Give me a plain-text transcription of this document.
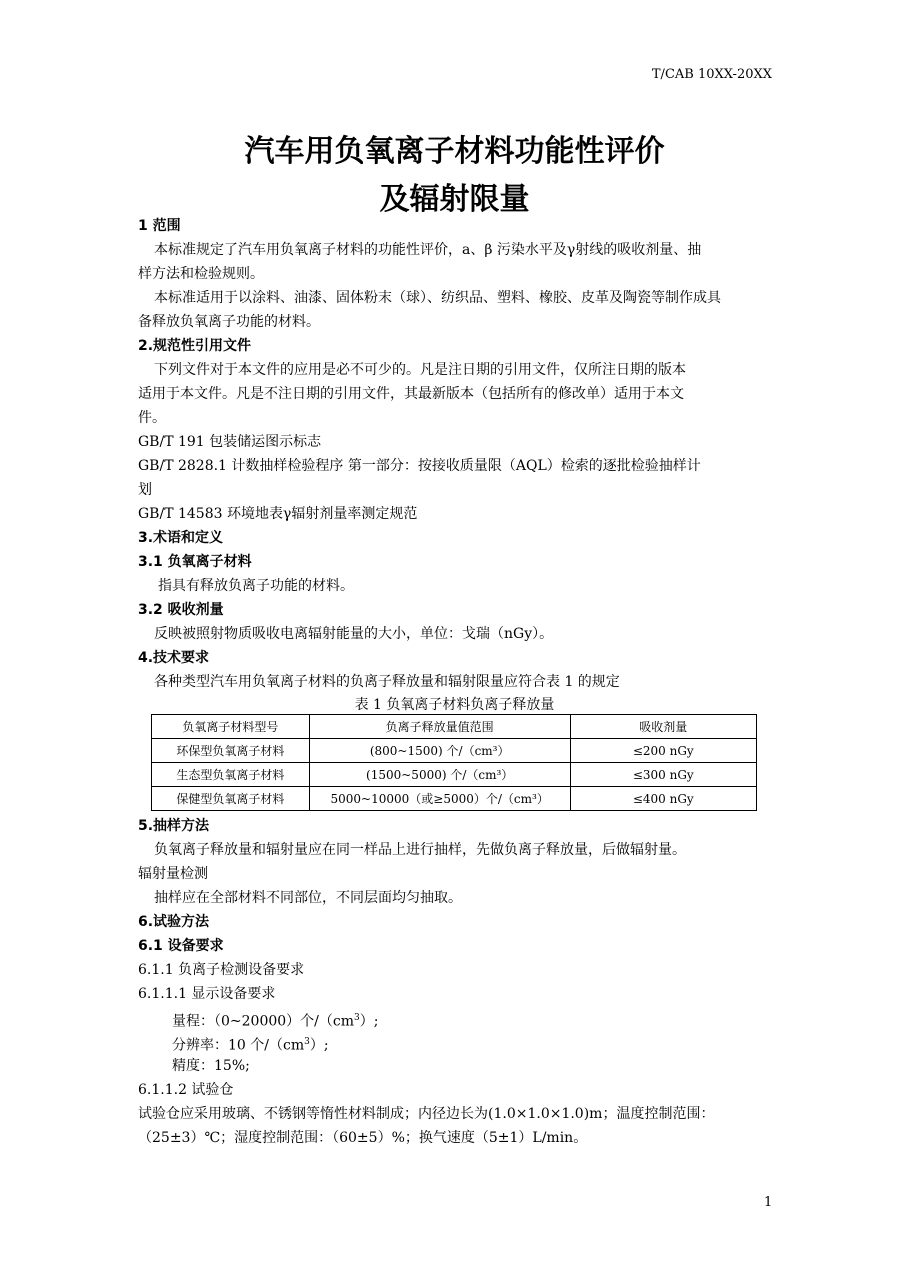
T/CAB 10XX-20XX
汽车用负氧离子材料功能性评价
及辐射限量
1 范围
本标准规定了汽车用负氧离子材料的功能性评价，a、β 污染水平及γ射线的吸收剂量、抽
样方法和检验规则。
本标准适用于以涂料、油漆、固体粉末（球）、纺织品、塑料、橡胶、皮革及陶瓷等制作成具
备释放负氧离子功能的材料。
2.规范性引用文件
下列文件对于本文件的应用是必不可少的。凡是注日期的引用文件，仅所注日期的版本
适用于本文件。凡是不注日期的引用文件，其最新版本（包括所有的修改单）适用于本文
件。
GB/T 191 包装储运图示标志
GB/T 2828.1 计数抽样检验程序 第一部分：按接收质量限（AQL）检索的逐批检验抽样计
划
GB/T 14583 环境地表γ辐射剂量率测定规范
3.术语和定义
3.1 负氧离子材料
指具有释放负离子功能的材料。
3.2 吸收剂量
反映被照射物质吸收电离辐射能量的大小，单位：戈瑞（nGy）。
4.技术要求
各种类型汽车用负氧离子材料的负离子释放量和辐射限量应符合表 1 的规定
表 1 负氧离子材料负离子释放量
负氧离子材料型号	负离子释放量值范围	吸收剂量
环保型负氧离子材料	(800~1500) 个/（cm³）	≤200 nGy
生态型负氧离子材料	(1500~5000) 个/（cm³）	≤300 nGy
保健型负氧离子材料	5000~10000（或≥5000）个/（cm³）	≤400 nGy
5.抽样方法
负氧离子释放量和辐射量应在同一样品上进行抽样，先做负离子释放量，后做辐射量。
辐射量检测
抽样应在全部材料不同部位，不同层面均匀抽取。
6.试验方法
6.1 设备要求
6.1.1 负离子检测设备要求
6.1.1.1 显示设备要求
量程：（0~20000）个$/(cm^3)$;
分辨率：10 个$/(cm^3)$;
精度：15%;
6.1.1.2 试验仓
试验仓应采用玻璃、不锈钢等惰性材料制成；内径边长为(1.0×1.0×1.0)m；温度控制范围：
（25±3）℃；湿度控制范围：（60±5）%；换气速度（5±1）L/min。
1
